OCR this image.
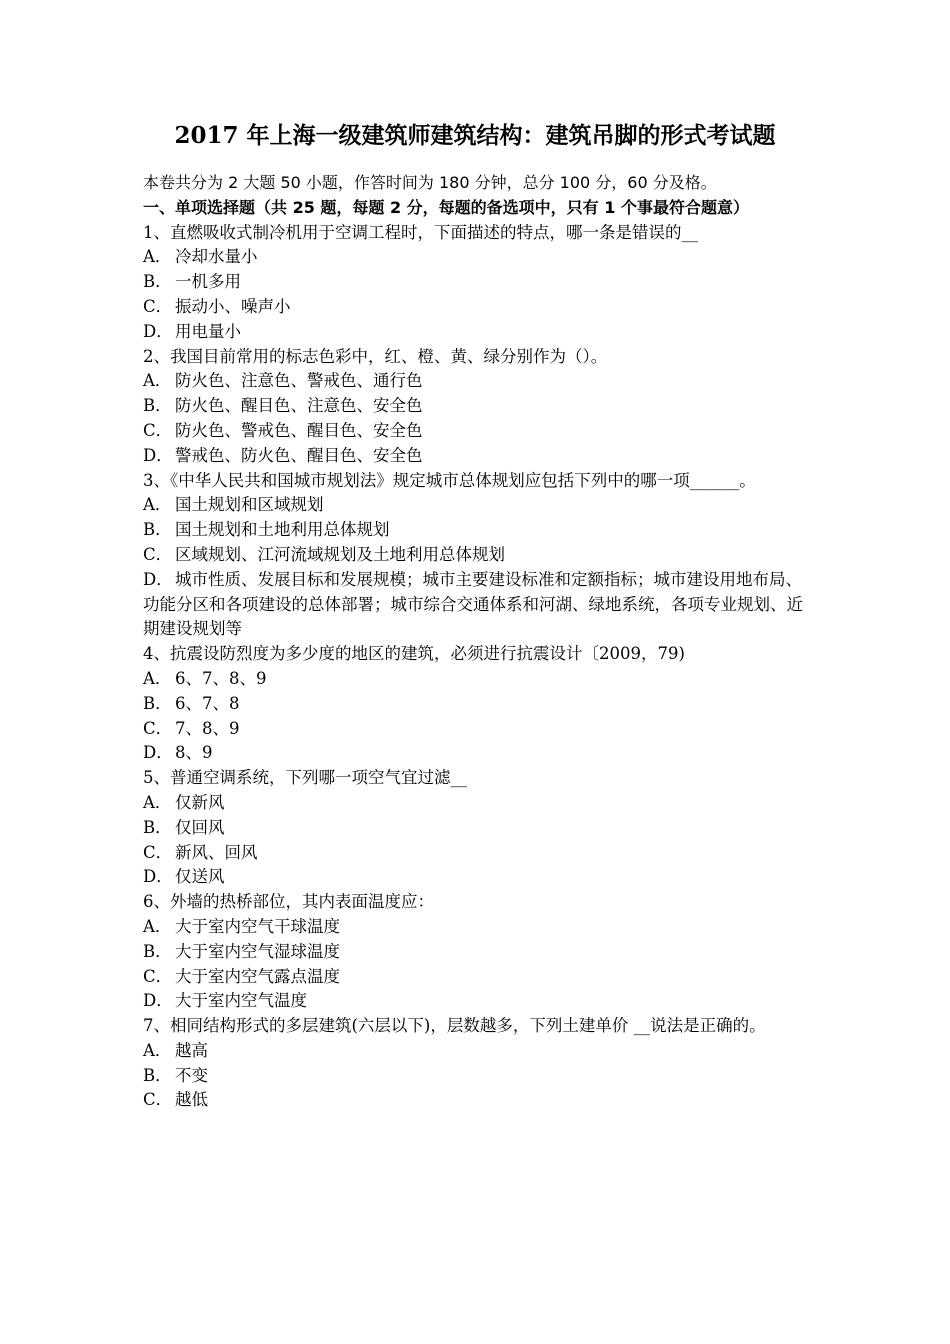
2017 年上海一级建筑师建筑结构：建筑吊脚的形式考试题

本卷共分为 2 大题 50 小题，作答时间为 180 分钟，总分 100 分，60 分及格。

一、单项选择题（共 25 题，每题 2 分，每题的备选项中，只有 1 个事最符合题意）

1、直燃吸收式制冷机用于空调工程时，下面描述的特点，哪一条是错误的__

A． 冷却水量小

B． 一机多用

C． 振动小、噪声小

D． 用电量小

2、我国目前常用的标志色彩中，红、橙、黄、绿分别作为（）。

A． 防火色、注意色、警戒色、通行色

B． 防火色、醒目色、注意色、安全色

C． 防火色、警戒色、醒目色、安全色

D． 警戒色、防火色、醒目色、安全色

3、《中华人民共和国城市规划法》规定城市总体规划应包括下列中的哪一项______。

A． 国土规划和区域规划

B． 国土规划和土地利用总体规划

C． 区域规划、江河流域规划及土地利用总体规划

D． 城市性质、发展目标和发展规模；城市主要建设标准和定额指标；城市建设用地布局、功能分区和各项建设的总体部署；城市综合交通体系和河湖、绿地系统，各项专业规划、近期建设规划等

4、抗震设防烈度为多少度的地区的建筑，必须进行抗震设计〔2009，79)

A． 6、7、8、9

B． 6、7、8

C． 7、8、9

D． 8、9

5、普通空调系统，下列哪一项空气宜过滤__

A． 仅新风

B． 仅回风

C． 新风、回风

D． 仅送风

6、外墙的热桥部位，其内表面温度应：

A． 大于室内空气干球温度

B． 大于室内空气湿球温度

C． 大于室内空气露点温度

D． 大于室内空气温度

7、相同结构形式的多层建筑(六层以下)，层数越多，下列土建单价 __说法是正确的。

A． 越高

B． 不变

C． 越低
